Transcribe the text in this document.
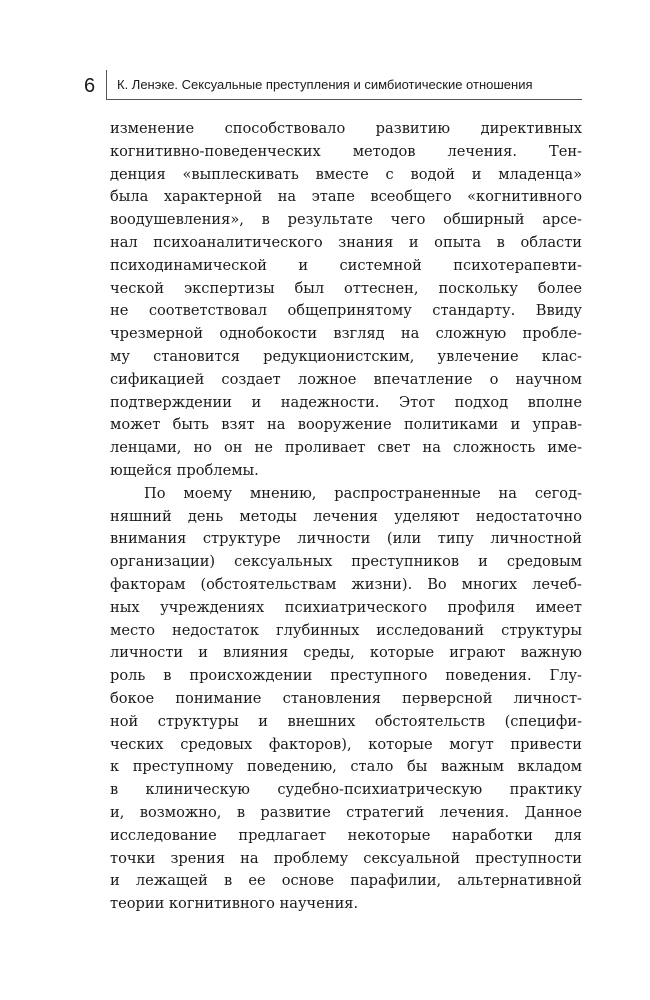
6 К. Ленэке. Сексуальные преступления и симбиотические отношения

изменение способствовало развитию директивных
когнитивно-поведенческих методов лечения. Тен-
денция «выплескивать вместе с водой и младенца»
была характерной на этапе всеобщего «когнитивного
воодушевления», в результате чего обширный арсе-
нал психоаналитического знания и опыта в области
психодинамической и системной психотерапевти-
ческой экспертизы был оттеснен, поскольку более
не соответствовал общепринятому стандарту. Ввиду
чрезмерной однобокости взгляд на сложную пробле-
му становится редукционистским, увлечение клас-
сификацией создает ложное впечатление о научном
подтверждении и надежности. Этот подход вполне
может быть взят на вооружение политиками и управ-
ленцами, но он не проливает свет на сложность име-
ющейся проблемы.

По моему мнению, распространенные на сегод-
няшний день методы лечения уделяют недостаточно
внимания структуре личности (или типу личностной
организации) сексуальных преступников и средовым
факторам (обстоятельствам жизни). Во многих лечеб-
ных учреждениях психиатрического профиля имеет
место недостаток глубинных исследований структуры
личности и влияния среды, которые играют важную
роль в происхождении преступного поведения. Глу-
бокое понимание становления перверсной личност-
ной структуры и внешних обстоятельств (специфи-
ческих средовых факторов), которые могут привести
к преступному поведению, стало бы важным вкладом
в клиническую судебно-психиатрическую практику
и, возможно, в развитие стратегий лечения. Данное
исследование предлагает некоторые наработки для
точки зрения на проблему сексуальной преступности
и лежащей в ее основе парафилии, альтернативной
теории когнитивного научения.
